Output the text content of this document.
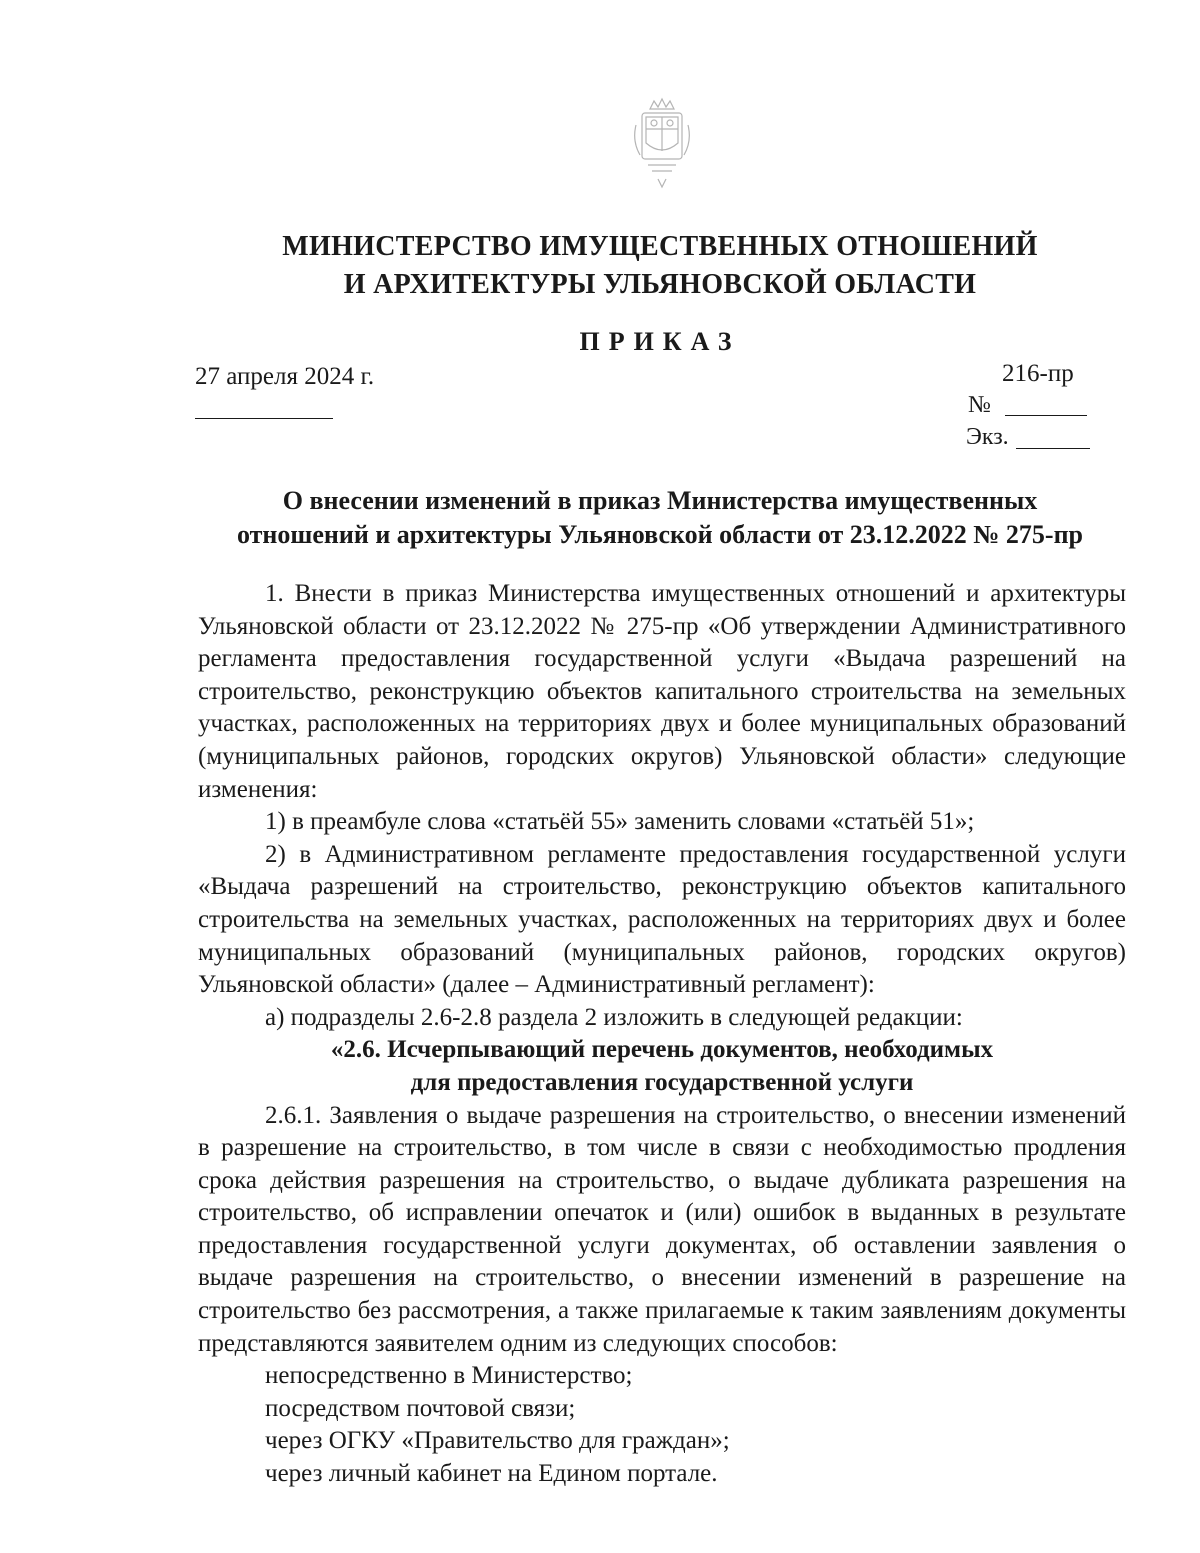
МИНИСТЕРСТВО ИМУЩЕСТВЕННЫХ ОТНОШЕНИЙ
И АРХИТЕКТУРЫ УЛЬЯНОВСКОЙ ОБЛАСТИ
ПРИКАЗ
27 апреля 2024 г.	216-пр
№
Экз.
О внесении изменений в приказ Министерства имущественных
отношений и архитектуры Ульяновской области от 23.12.2022 № 275-пр

1. Внести в приказ Министерства имущественных отношений и архитектуры Ульяновской области от 23.12.2022 № 275-пр «Об утверждении Административного регламента предоставления государственной услуги «Выдача разрешений на строительство, реконструкцию объектов капитального строительства на земельных участках, расположенных на территориях двух и более муниципальных образований (муниципальных районов, городских округов) Ульяновской области» следующие изменения:

1) в преамбуле слова «статьёй 55» заменить словами «статьёй 51»;

2) в Административном регламенте предоставления государственной услуги «Выдача разрешений на строительство, реконструкцию объектов капитального строительства на земельных участках, расположенных на территориях двух и более муниципальных образований (муниципальных районов, городских округов) Ульяновской области» (далее – Административный регламент):

а) подразделы 2.6-2.8 раздела 2 изложить в следующей редакции:

«2.6. Исчерпывающий перечень документов, необходимых

для предоставления государственной услуги

2.6.1. Заявления о выдаче разрешения на строительство, о внесении изменений в разрешение на строительство, в том числе в связи с необходимостью продления срока действия разрешения на строительство, о выдаче дубликата разрешения на строительство, об исправлении опечаток и (или) ошибок в выданных в результате предоставления государственной услуги документах, об оставлении заявления о выдаче разрешения на строительство, о внесении изменений в разрешение на строительство без рассмотрения, а также прилагаемые к таким заявлениям документы представляются заявителем одним из следующих способов:

непосредственно в Министерство;

посредством почтовой связи;

через ОГКУ «Правительство для граждан»;

через личный кабинет на Едином портале.
